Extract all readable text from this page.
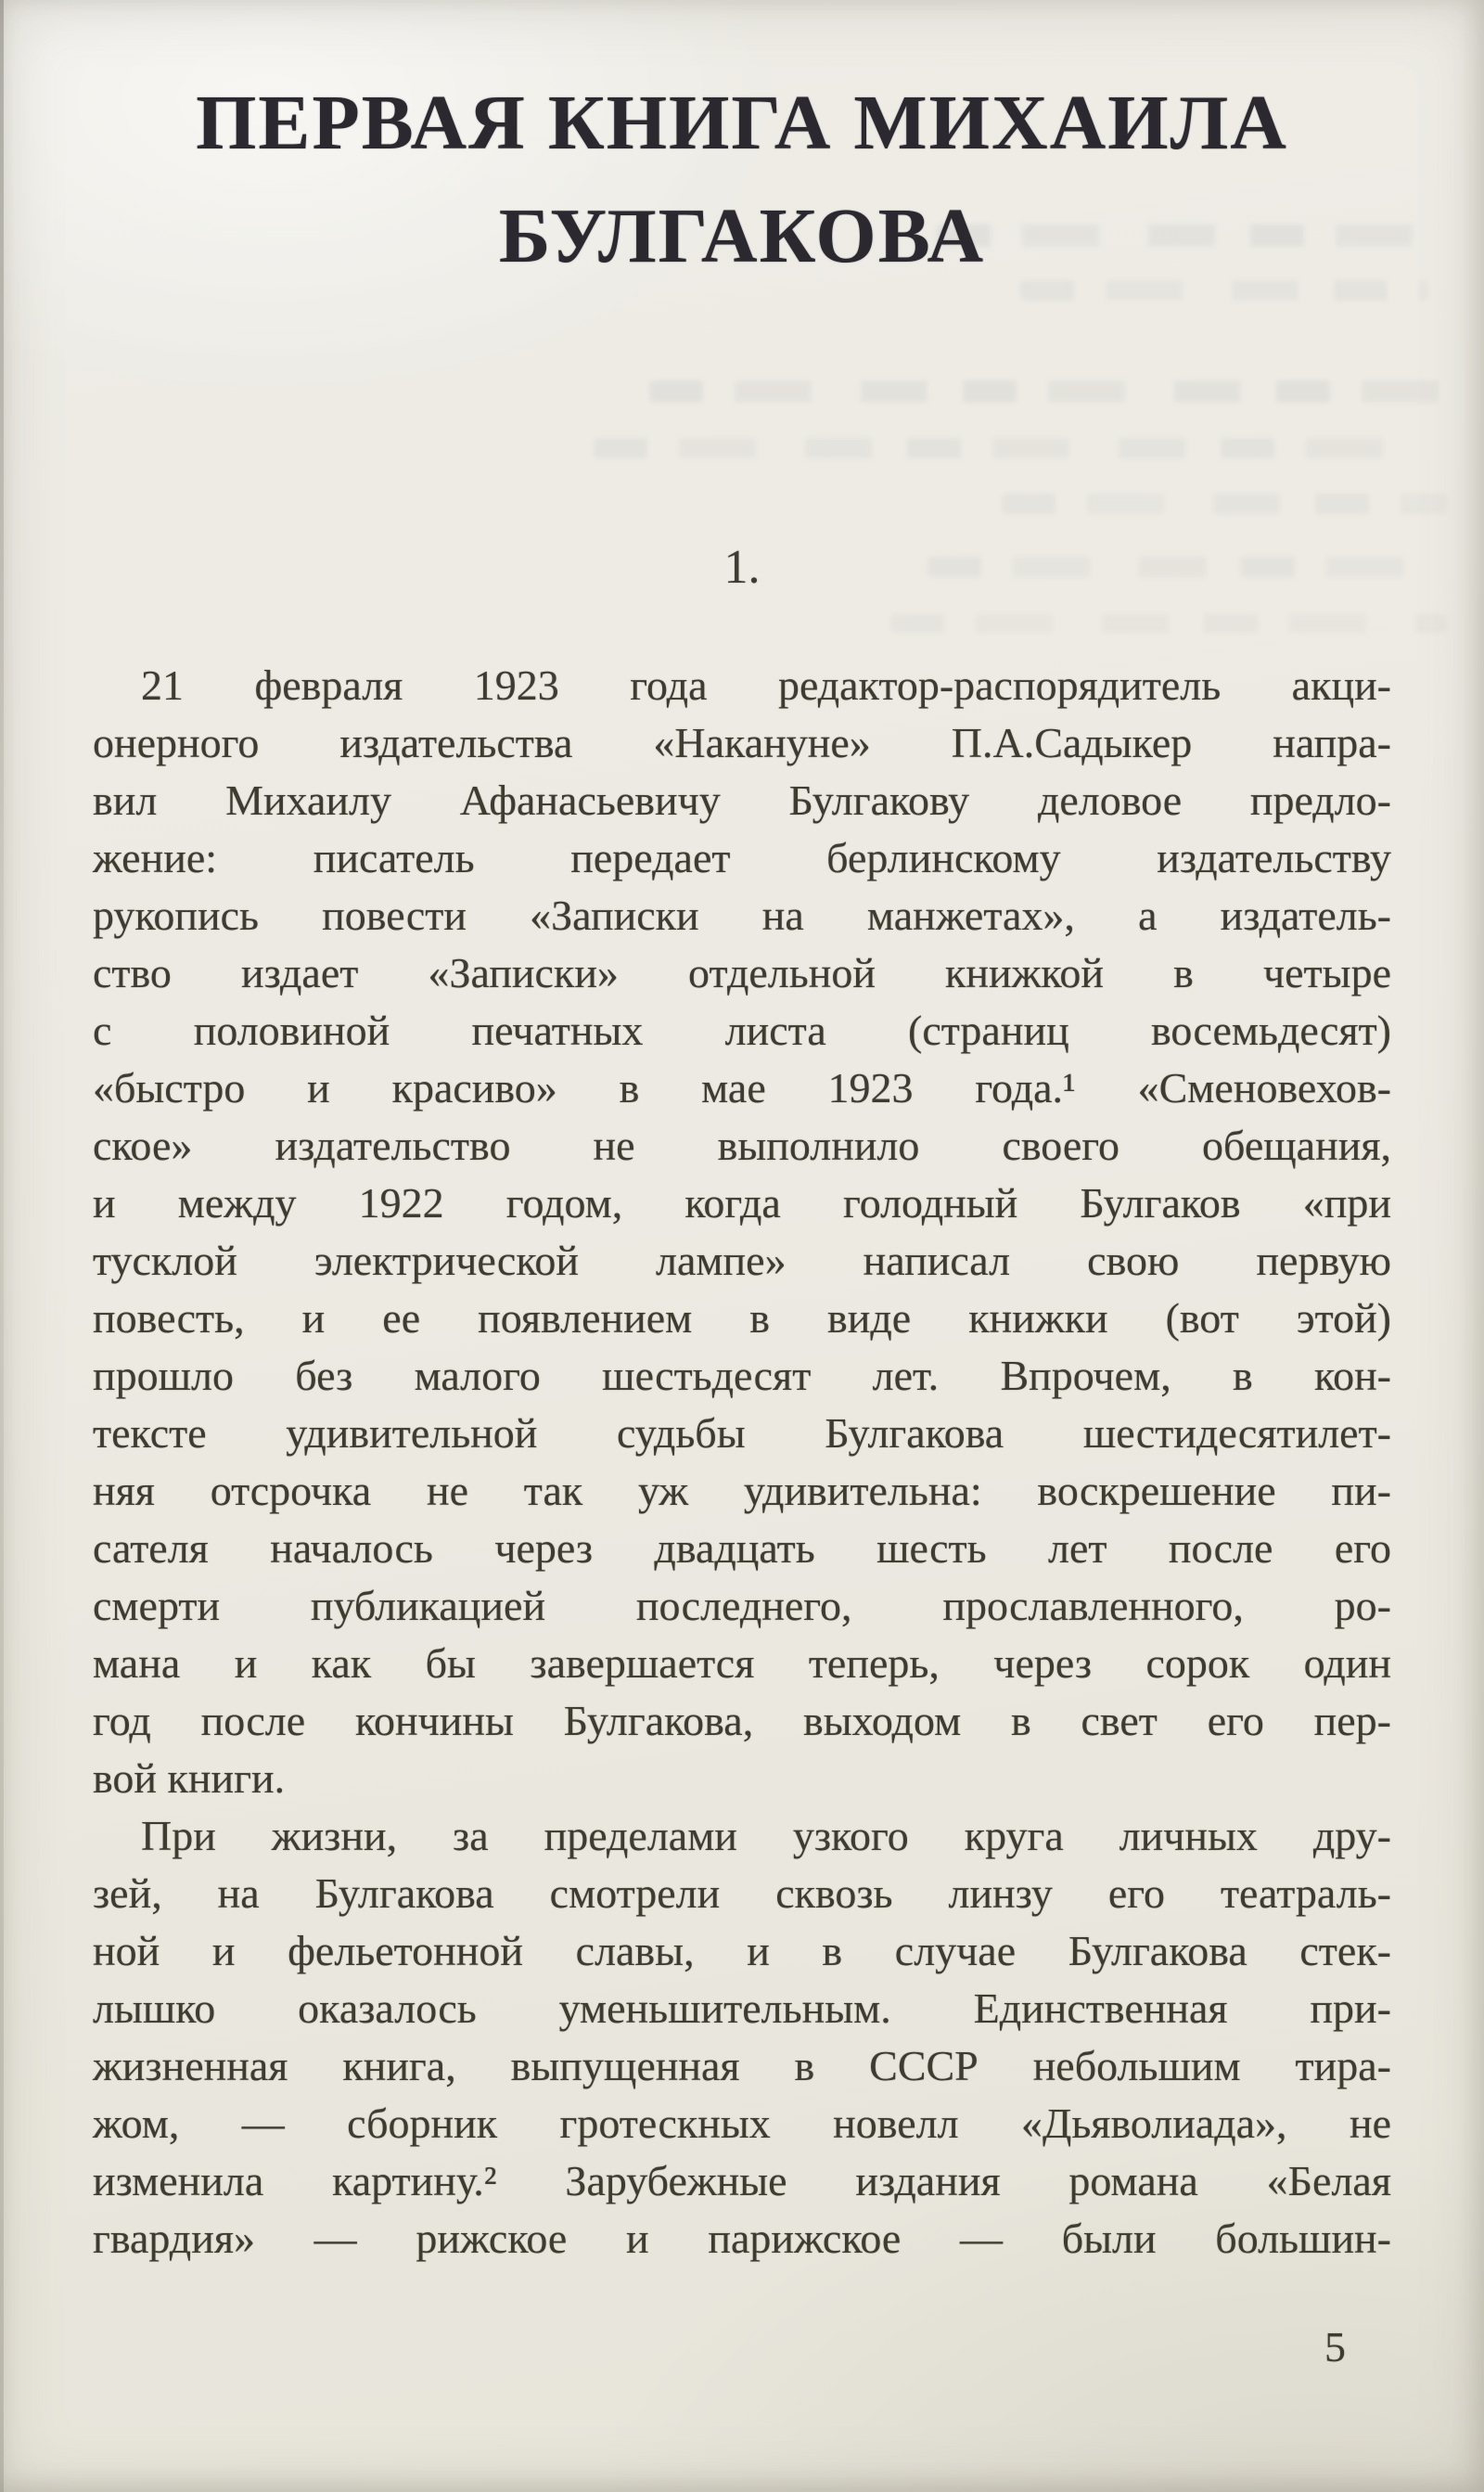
ПЕРВАЯ КНИГА МИХАИЛА
БУЛГАКОВА
1.
21 февраля 1923 года редактор-распорядитель акци-
онерного издательства «Накануне» П.А.Садыкер напра-
вил Михаилу Афанасьевичу Булгакову деловое предло-
жение: писатель передает берлинскому издательству
рукопись повести «Записки на манжетах», а издатель-
ство издает «Записки» отдельной книжкой в четыре
с половиной печатных листа (страниц восемьдесят)
«быстро и красиво» в мае 1923 года.¹ «Сменовехов-
ское» издательство не выполнило своего обещания,
и между 1922 годом, когда голодный Булгаков «при
тусклой электрической лампе» написал свою первую
повесть, и ее появлением в виде книжки (вот этой)
прошло без малого шестьдесят лет. Впрочем, в кон-
тексте удивительной судьбы Булгакова шестидесятилет-
няя отсрочка не так уж удивительна: воскрешение пи-
сателя началось через двадцать шесть лет после его
смерти публикацией последнего, прославленного, ро-
мана и как бы завершается теперь, через сорок один
год после кончины Булгакова, выходом в свет его пер-
вой книги.
При жизни, за пределами узкого круга личных дру-
зей, на Булгакова смотрели сквозь линзу его театраль-
ной и фельетонной славы, и в случае Булгакова стек-
лышко оказалось уменьшительным. Единственная при-
жизненная книга, выпущенная в СССР небольшим тира-
жом, — сборник гротескных новелл «Дьяволиада», не
изменила картину.² Зарубежные издания романа «Белая
гвардия» — рижское и парижское — были большин-
5
